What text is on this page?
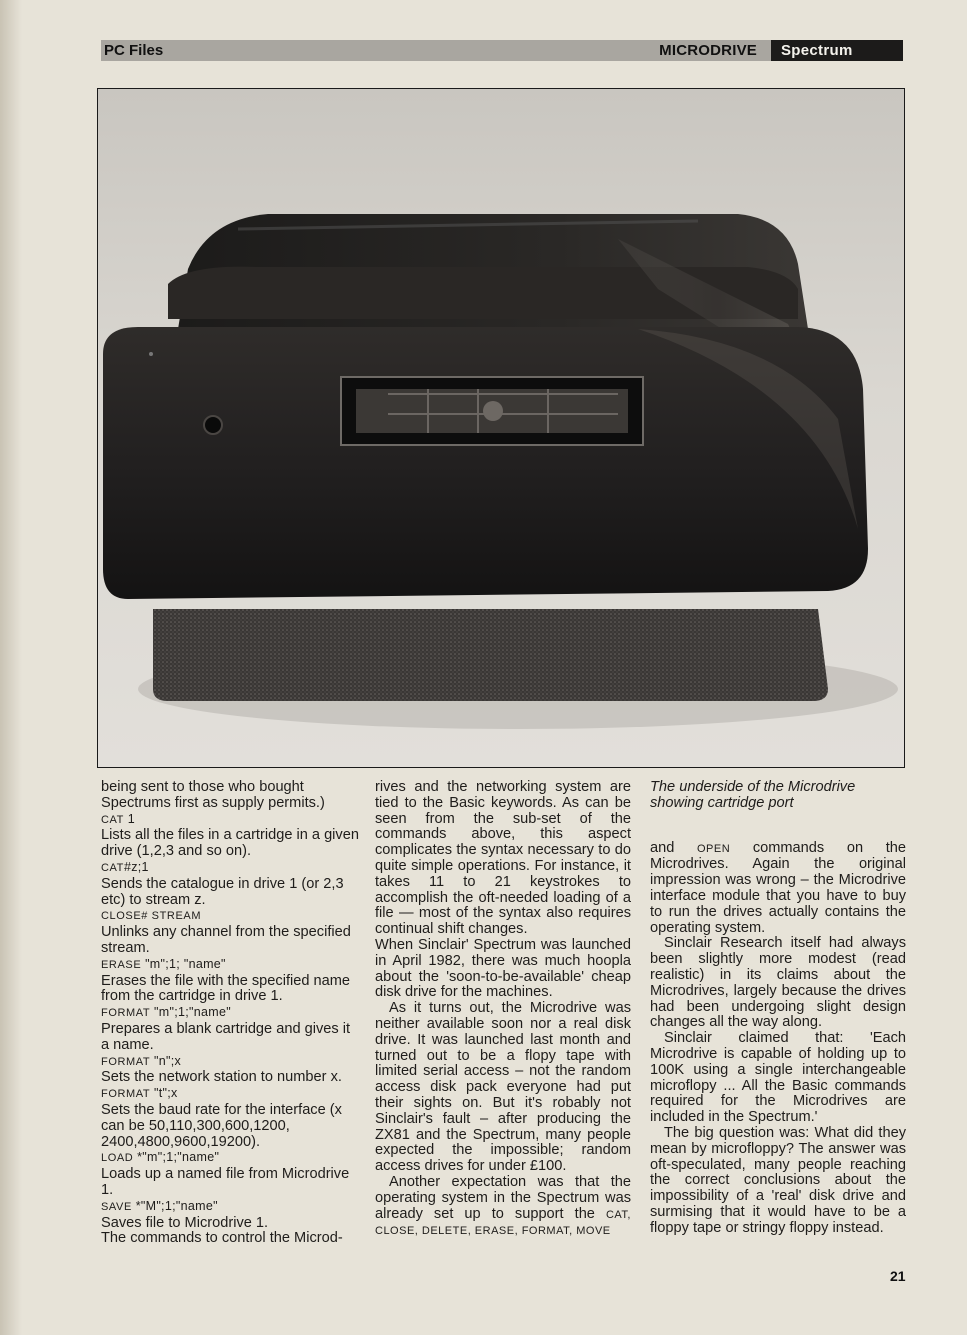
PC Files	MICRODRIVE	Spectrum

being sent to those who bought Spectrums first as supply permits.)

CAT 1

Lists all the files in a cartridge in a given drive (1,2,3 and so on).

CAT#z;1

Sends the catalogue in drive 1 (or 2,3 etc) to stream z.

CLOSE# STREAM

Unlinks any channel from the specified stream.

ERASE "m";1; "name"

Erases the file with the specified name from the cartridge in drive 1.

FORMAT "m";1;"name"

Prepares a blank cartridge and gives it a name.

FORMAT "n";x

Sets the network station to number x.

FORMAT "t";x

Sets the baud rate for the interface (x can be 50,110,300,600,1200, 2400,4800,9600,19200).

LOAD *"m";1;"name"

Loads up a named file from Microdrive 1.

SAVE *"M";1;"name"

Saves file to Microdrive 1.

The commands to control the Microd-

rives and the networking system are tied to the Basic keywords. As can be seen from the sub-set of the commands above, this aspect complicates the syntax necessary to do quite simple operations. For instance, it takes 11 to 21 keystrokes to accomplish the oft-needed loading of a file — most of the syntax also requires continual shift changes.

When Sinclair' Spectrum was launched in April 1982, there was much hoopla about the 'soon-to-be-available' cheap disk drive for the machines.

As it turns out, the Microdrive was neither available soon nor a real disk drive. It was launched last month and turned out to be a flopy tape with limited serial access – not the random access disk pack everyone had put their sights on. But it's robably not Sinclair's fault – after producing the ZX81 and the Spectrum, many people expected the impossible; random access drives for under £100.

Another expectation was that the operating system in the Spectrum was already set up to support the CAT, CLOSE, DELETE, ERASE, FORMAT, MOVE

The underside of the Microdrive showing cartridge port

and OPEN commands on the Microdrives. Again the original impression was wrong – the Microdrive interface module that you have to buy to run the drives actually contains the operating system.

Sinclair Research itself had always been slightly more modest (read realistic) in its claims about the Microdrives, largely because the drives had been undergoing slight design changes all the way along.

Sinclair claimed that: 'Each Microdrive is capable of holding up to 100K using a single interchangeable microflopy ... All the Basic commands required for the Microdrives are included in the Spectrum.'

The big question was: What did they mean by microfloppy? The answer was oft-speculated, many people reaching the correct conclusions about the impossibility of a 'real' disk drive and surmising that it would have to be a floppy tape or stringy floppy instead.

21
